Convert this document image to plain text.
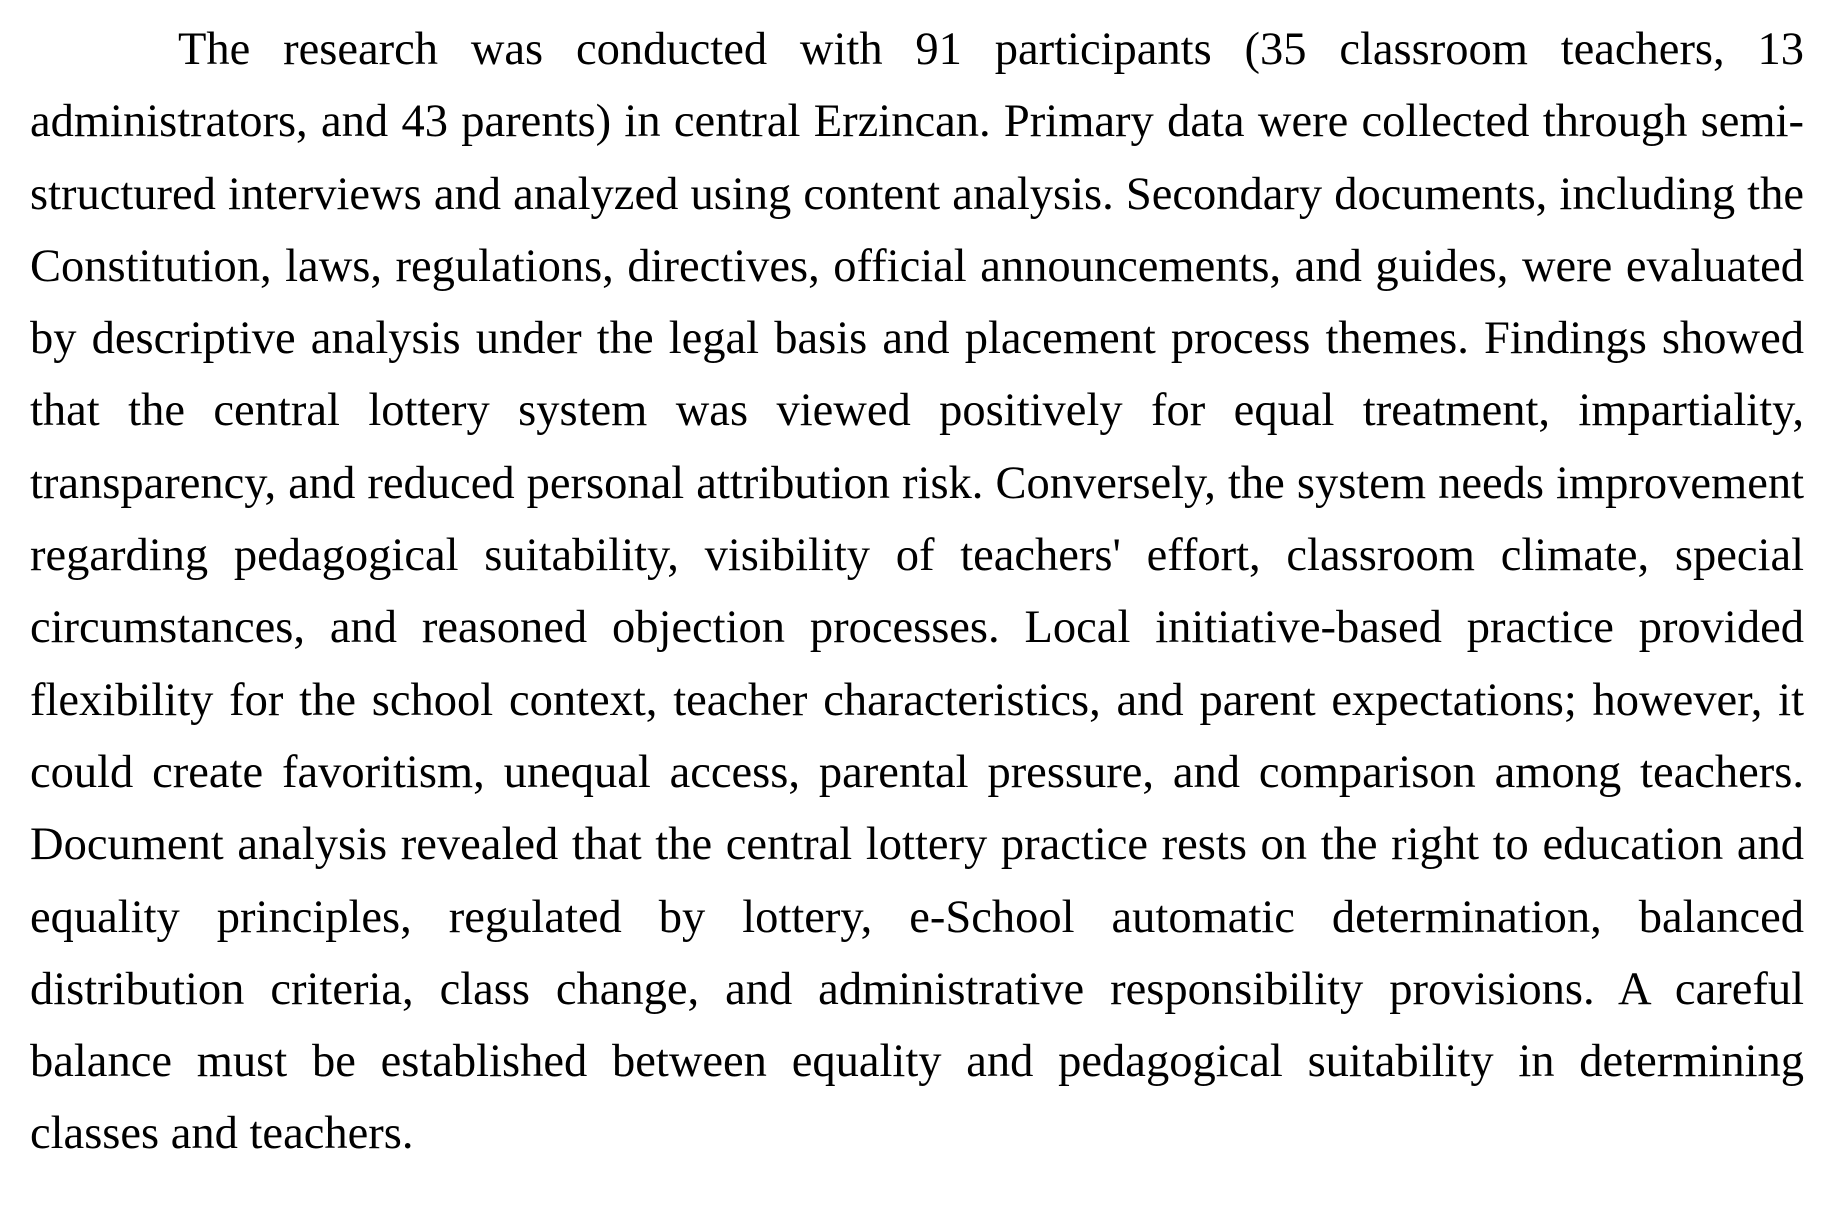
The research was conducted with 91 participants (35 classroom teachers, 13 administrators, and 43 parents) in central Erzincan. Primary data were collected through semi-structured interviews and analyzed using content analysis. Secondary documents, including the Constitution, laws, regulations, directives, official announcements, and guides, were evaluated by descriptive analysis under the legal basis and placement process themes. Findings showed that the central lottery system was viewed positively for equal treatment, impartiality, transparency, and reduced personal attribution risk. Conversely, the system needs improvement regarding pedagogical suitability, visibility of teachers' effort, classroom climate, special circumstances, and reasoned objection processes. Local initiative-based practice provided flexibility for the school context, teacher characteristics, and parent expectations; however, it could create favoritism, unequal access, parental pressure, and comparison among teachers. Document analysis revealed that the central lottery practice rests on the right to education and equality principles, regulated by lottery, e-School automatic determination, balanced distribution criteria, class change, and administrative responsibility provisions. A careful balance must be established between equality and pedagogical suitability in determining classes and teachers.
